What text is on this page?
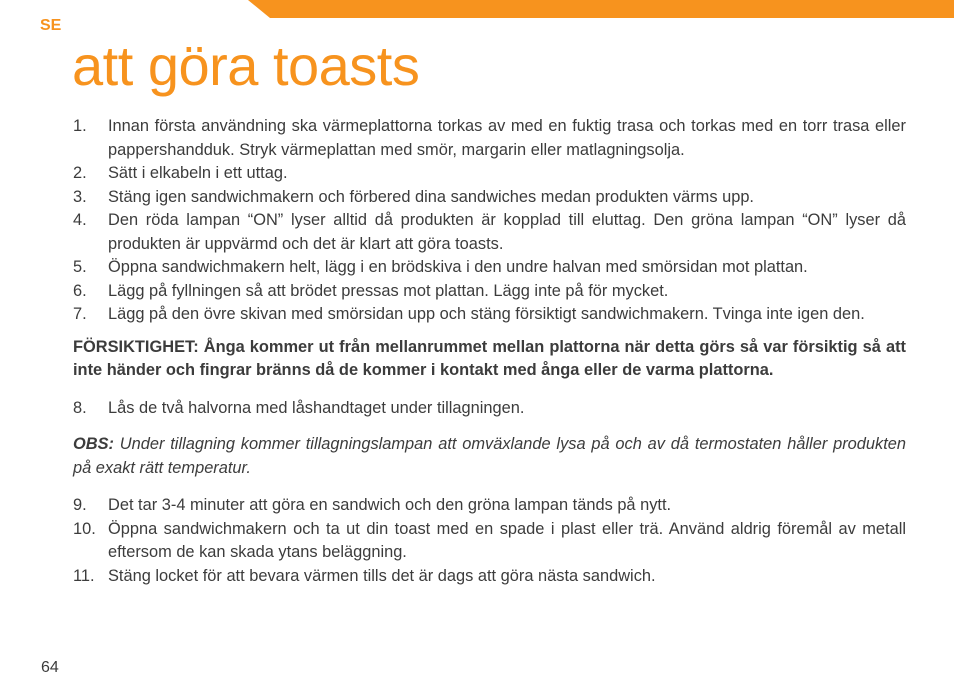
SE
att göra toasts
1.	Innan första användning ska värmeplattorna torkas av med en fuktig trasa och torkas med en torr trasa eller pappershandduk. Stryk värmeplattan med smör, margarin eller matlagningsolja.
2.	Sätt i elkabeln i ett uttag.
3.	Stäng igen sandwichmakern och förbered dina sandwiches medan produkten värms upp.
4.	Den röda lampan “ON” lyser alltid då produkten är kopplad till eluttag. Den gröna lampan “ON” lyser då produkten är uppvärmd och det är klart att göra toasts.
5.	Öppna sandwichmakern helt, lägg i en brödskiva i den undre halvan med smörsidan mot plattan.
6.	Lägg på fyllningen så att brödet pressas mot plattan. Lägg inte på för mycket.
7.	Lägg på den övre skivan med smörsidan upp och stäng försiktigt sandwichmakern. Tvinga inte igen den.

FÖRSIKTIGHET: Ånga kommer ut från mellanrummet mellan plattorna när detta görs så var försiktig så att inte händer och fingrar bränns då de kommer i kontakt med ånga eller de varma plattorna.

8.	Lås de två halvorna med låshandtaget under tillagningen.

OBS: Under tillagning kommer tillagningslampan att omväxlande lysa på och av då termostaten håller produkten på exakt rätt temperatur.

9.	Det tar 3-4 minuter att göra en sandwich och den gröna lampan tänds på nytt.
10. Öppna sandwichmakern och ta ut din toast med en spade i plast eller trä. Använd aldrig föremål av metall eftersom de kan skada ytans beläggning.
11. Stäng locket för att bevara värmen tills det är dags att göra nästa sandwich.
64
